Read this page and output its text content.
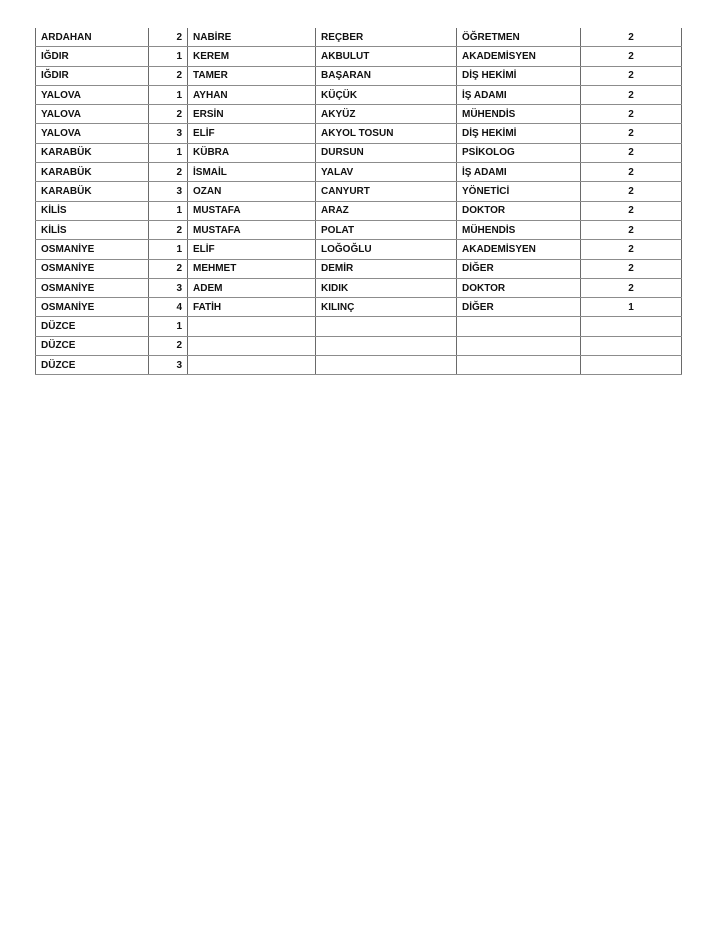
ARDAHAN	2	NABİRE	REÇBER	ÖĞRETMEN	2
IĞDIR	1	KEREM	AKBULUT	AKADEMİSYEN	2
IĞDIR	2	TAMER	BAŞARAN	DİŞ HEKİMİ	2
YALOVA	1	AYHAN	KÜÇÜK	İŞ ADAMI	2
YALOVA	2	ERSİN	AKYÜZ	MÜHENDİS	2
YALOVA	3	ELİF	AKYOL TOSUN	DİŞ HEKİMİ	2
KARABÜK	1	KÜBRA	DURSUN	PSİKOLOG	2
KARABÜK	2	İSMAİL	YALAV	İŞ ADAMI	2
KARABÜK	3	OZAN	CANYURT	YÖNETİCİ	2
KİLİS	1	MUSTAFA	ARAZ	DOKTOR	2
KİLİS	2	MUSTAFA	POLAT	MÜHENDİS	2
OSMANİYE	1	ELİF	LOĞOĞLU	AKADEMİSYEN	2
OSMANİYE	2	MEHMET	DEMİR	DİĞER	2
OSMANİYE	3	ADEM	KIDIK	DOKTOR	2
OSMANİYE	4	FATİH	KILINÇ	DİĞER	1
DÜZCE	1				
DÜZCE	2				
DÜZCE	3				
